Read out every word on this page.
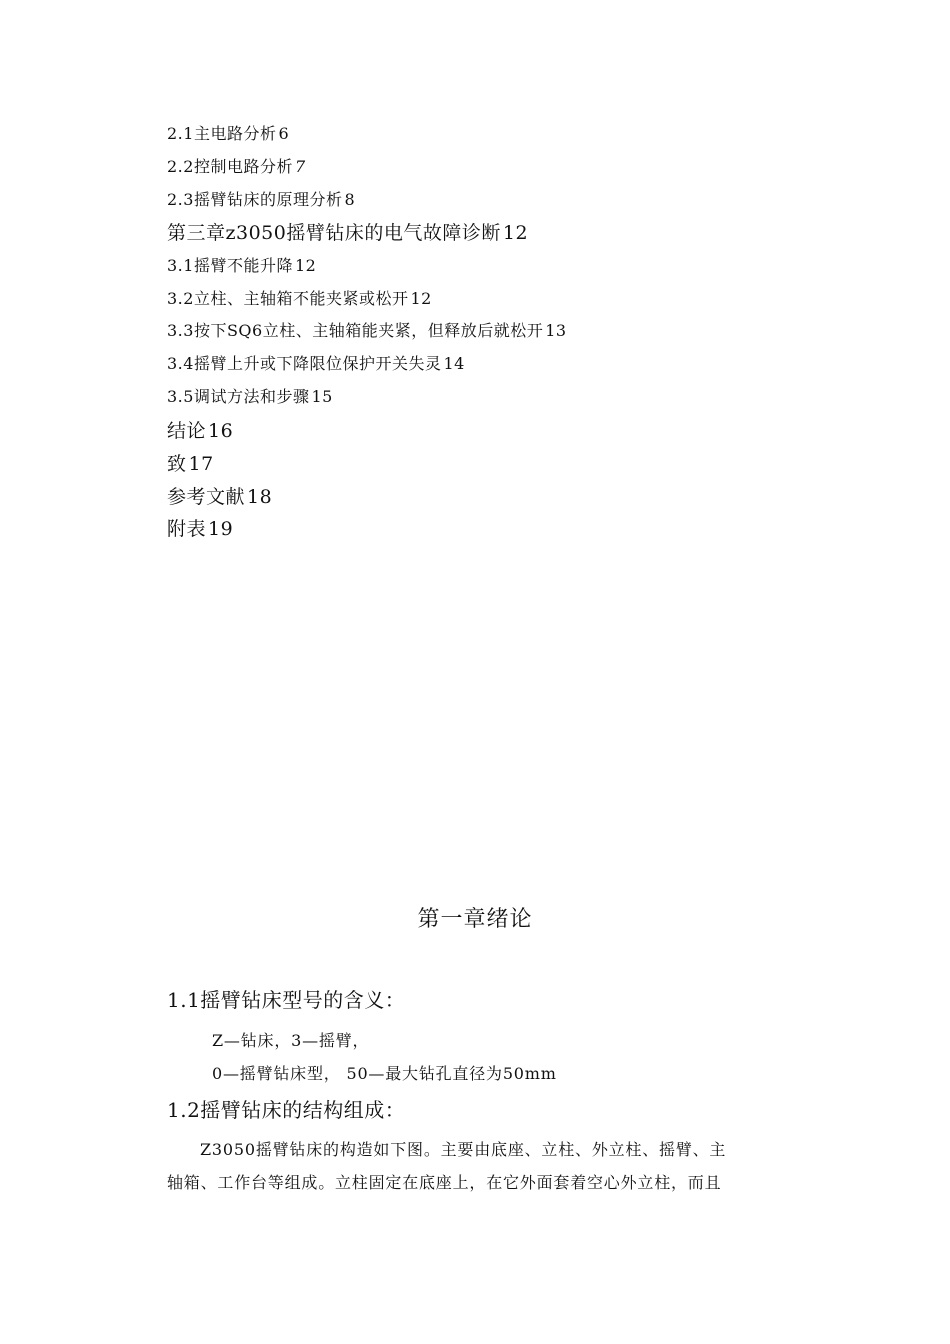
2.1主电路分析 6
2.2控制电路分析 7
2.3摇臂钻床的原理分析 8
第三章z3050摇臂钻床的电气故障诊断 12
3.1摇臂不能升降 12
3.2立柱、主轴箱不能夹紧或松开 12
3.3按下SQ6立柱、主轴箱能夹紧，但释放后就松开 13
3.4摇臂上升或下降限位保护开关失灵 14
3.5调试方法和步骤 15
结论 16
致 17
参考文献 18
附表 19
第一章绪论
1.1摇臂钻床型号的含义：
Z—钻床，3—摇臂，
0—摇臂钻床型， 50—最大钻孔直径为50mm
1.2摇臂钻床的结构组成：
Z3050摇臂钻床的构造如下图。主要由底座、立柱、外立柱、摇臂、主
轴箱、工作台等组成。立柱固定在底座上，在它外面套着空心外立柱，而且
